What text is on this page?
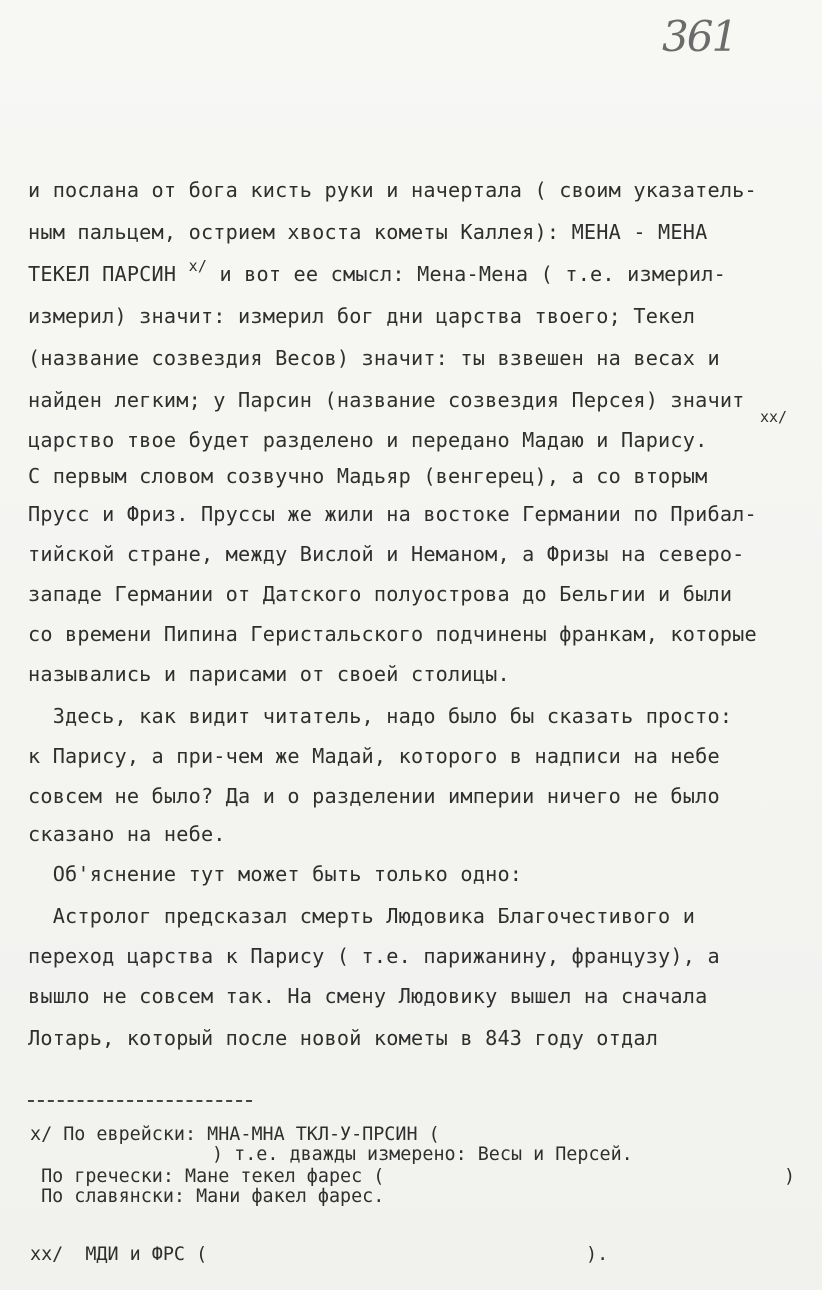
361
и послана от бога кисть руки и начертала ( своим указатель-
ным пальцем, острием хвоста кометы Каллея): МЕНА - МЕНА
ТЕКЕЛ ПАРСИН $^{x/}$ и вот ее смысл: Мена-Мена ( т.е. измерил-
измерил) значит: измерил бог дни царства твоего; Текел
(название созвездия Весов) значит: ты взвешен на весах и
найден легким; у Парсин (название созвездия Персея) значит
xx/
царство твое будет разделено и передано Мадаю и Парису.
С первым словом созвучно Мадьяр (венгерец), а со вторым
Прусс и Фриз. Пруссы же жили на востоке Германии по Прибал-
тийской стране, между Вислой и Неманом, а Фризы на северо-
западе Германии от Датского полуострова до Бельгии и были
со времени Пипина Геристальского подчинены франкам, которые
назывались и парисами от своей столицы.
Здесь, как видит читатель, надо было бы сказать просто:
к Парису, а при-чем же Мадай, которого в надписи на небе
совсем не было? Да и о разделении империи ничего не было
сказано на небе.
Об'яснение тут может быть только одно:
Астролог предсказал смерть Людовика Благочестивого и
переход царства к Парису ( т.е. парижанину, французу), а
вышло не совсем так. На смену Людовику вышел на сначала
Лотарь, который после новой кометы в 843 году отдал
x/ По еврейски: МНА-МНА ТКЛ-У-ПРСИН (
) т.е. дважды измерено: Весы и Персей.
По гречески: Мане текел фарес (	)
По славянски: Мани факел фарес.
xx/  МДИ и ФРС (	).
